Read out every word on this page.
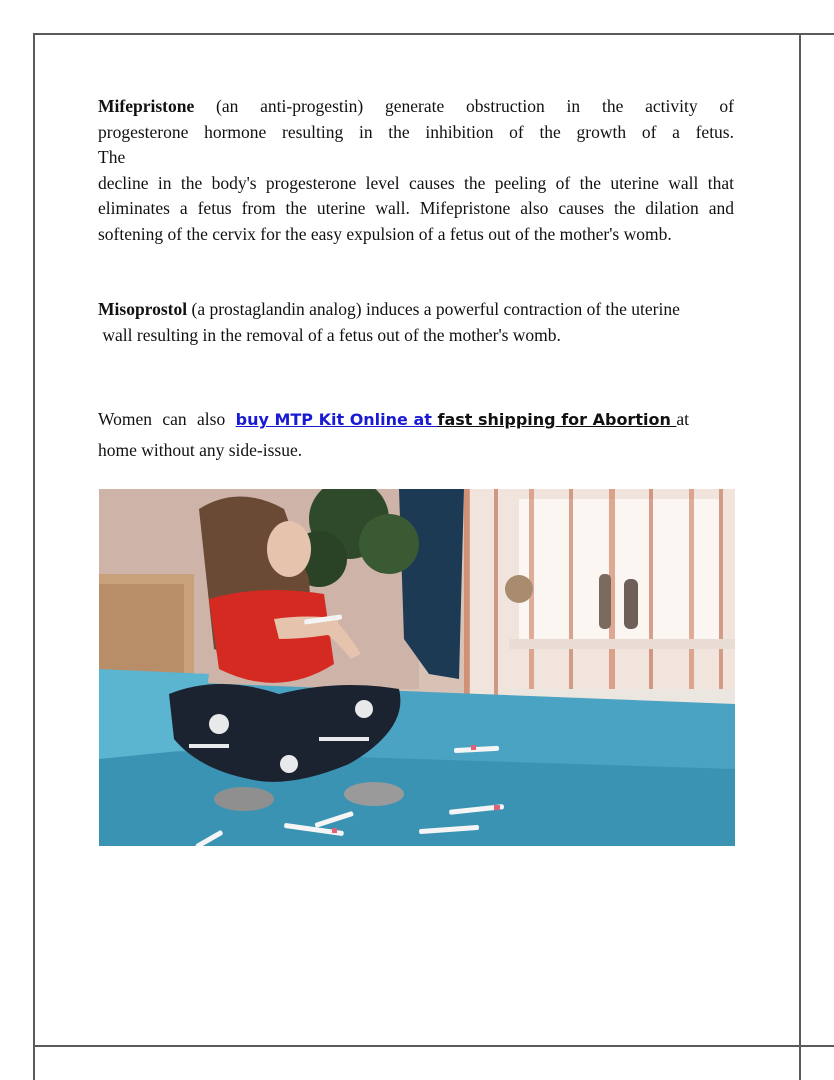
Mifepristone (an anti-progestin) generate obstruction in the activity of

progesterone hormone resulting in the inhibition of the growth of a fetus.

The

decline in the body's progesterone level causes the peeling of the uterine wall that

eliminates a fetus from the uterine wall. Mifepristone also causes the dilation and

softening of the cervix for the easy expulsion of a fetus out of the mother's womb.

Misoprostol (a prostaglandin analog) induces a powerful contraction of the uterine

wall resulting in the removal of a fetus out of the mother's womb.

Women can also buy MTP Kit Online at fast shipping for Abortion at

home without any side-issue.
